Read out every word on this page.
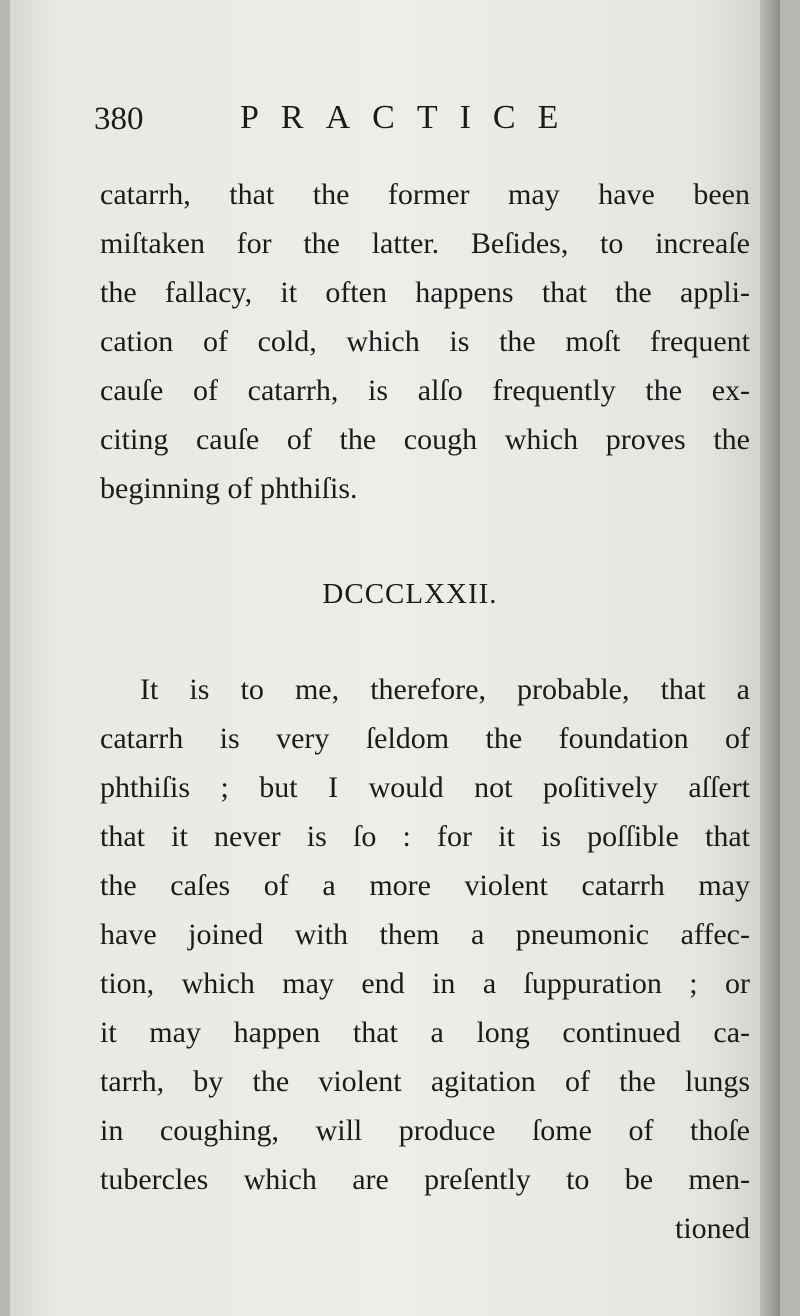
380	PRACTICE
catarrh, that the former may have been
miſtaken for the latter. Beſides, to increaſe
the fallacy, it often happens that the appli-
cation of cold, which is the moſt frequent
cauſe of catarrh, is alſo frequently the ex-
citing cauſe of the cough which proves the
beginning of phthiſis.
DCCCLXXII.
It is to me, therefore, probable, that a
catarrh is very ſeldom the foundation of
phthiſis ; but I would not poſitively aſſert
that it never is ſo : for it is poſſible that
the caſes of a more violent catarrh may
have joined with them a pneumonic affec-
tion, which may end in a ſuppuration ; or
it may happen that a long continued ca-
tarrh, by the violent agitation of the lungs
in coughing, will produce ſome of thoſe
tubercles which are preſently to be men-
tioned
